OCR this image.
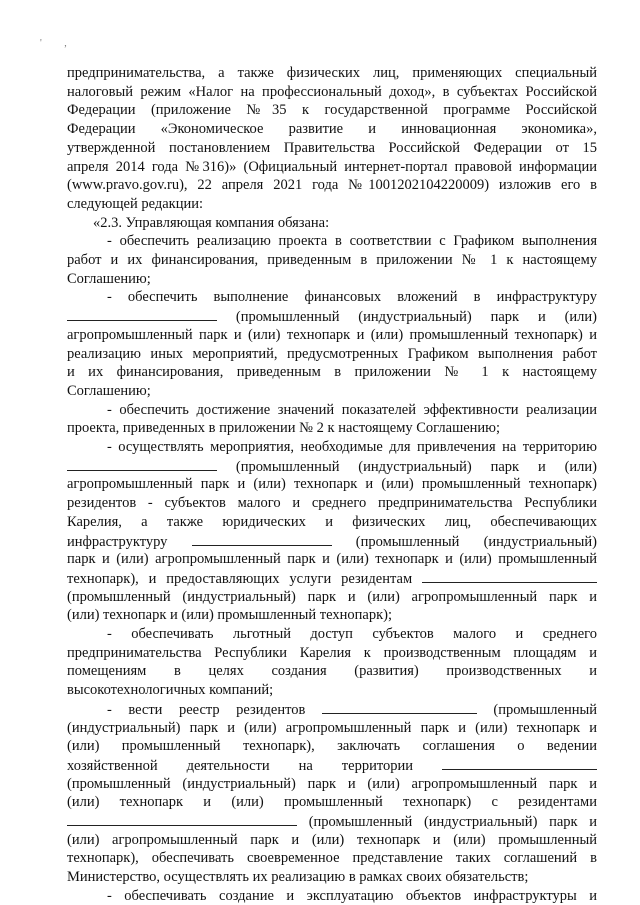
' ,
предпринимательства, а также физических лиц, применяющих специальный
налоговый режим «Налог на профессиональный доход», в субъектах Российской
Федерации (приложение №35 к государственной программе Российской
Федерации «Экономическое развитие и инновационная экономика»,
утвержденной постановлением Правительства Российской Федерации от 15
апреля 2014 года №316)» (Официальный интернет-портал правовой информации
(www.pravo.gov.ru), 22 апреля 2021 года №1001202104220009) изложив его в
следующей редакции:
«2.3. Управляющая компания обязана:
- обеспечить реализацию проекта в соответствии с Графиком выполнения
работ и их финансирования, приведенным в приложении № 1 к настоящему
Соглашению;
- обеспечить выполнение финансовых вложений в инфраструктуру
(промышленный (индустриальный) парк и (или)
агропромышленный парк и (или) технопарк и (или) промышленный технопарк) и
реализацию иных мероприятий, предусмотренных Графиком выполнения работ
и их финансирования, приведенным в приложении № 1 к настоящему
Соглашению;
- обеспечить достижение значений показателей эффективности реализации
проекта, приведенных в приложении № 2 к настоящему Соглашению;
- осуществлять мероприятия, необходимые для привлечения на территорию
(промышленный (индустриальный) парк и (или)
агропромышленный парк и (или) технопарк и (или) промышленный технопарк)
резидентов - субъектов малого и среднего предпринимательства Республики
Карелия, а также юридических и физических лиц, обеспечивающих
инфраструктуру	(промышленный (индустриальный)
парк и (или) агропромышленный парк и (или) технопарк и (или) промышленный
технопарк), и предоставляющих услуги резидентам
(промышленный (индустриальный) парк и (или) агропромышленный парк и
(или) технопарк и (или) промышленный технопарк);
- обеспечивать льготный доступ субъектов малого и среднего
предпринимательства Республики Карелия к производственным площадям и
помещениям в целях создания (развития) производственных и
высокотехнологичных компаний;
- вести реестр резидентов	(промышленный
(индустриальный) парк и (или) агропромышленный парк и (или) технопарк и
(или) промышленный технопарк), заключать соглашения о ведении
хозяйственной деятельности на территории
(промышленный (индустриальный) парк и (или) агропромышленный парк и
(или) технопарк и (или) промышленный технопарк) с резидентами
(промышленный (индустриальный) парк и
(или) агропромышленный парк и (или) технопарк и (или) промышленный
технопарк), обеспечивать своевременное представление таких соглашений в
Министерство, осуществлять их реализацию в рамках своих обязательств;
- обеспечивать создание и эксплуатацию объектов инфраструктуры и
